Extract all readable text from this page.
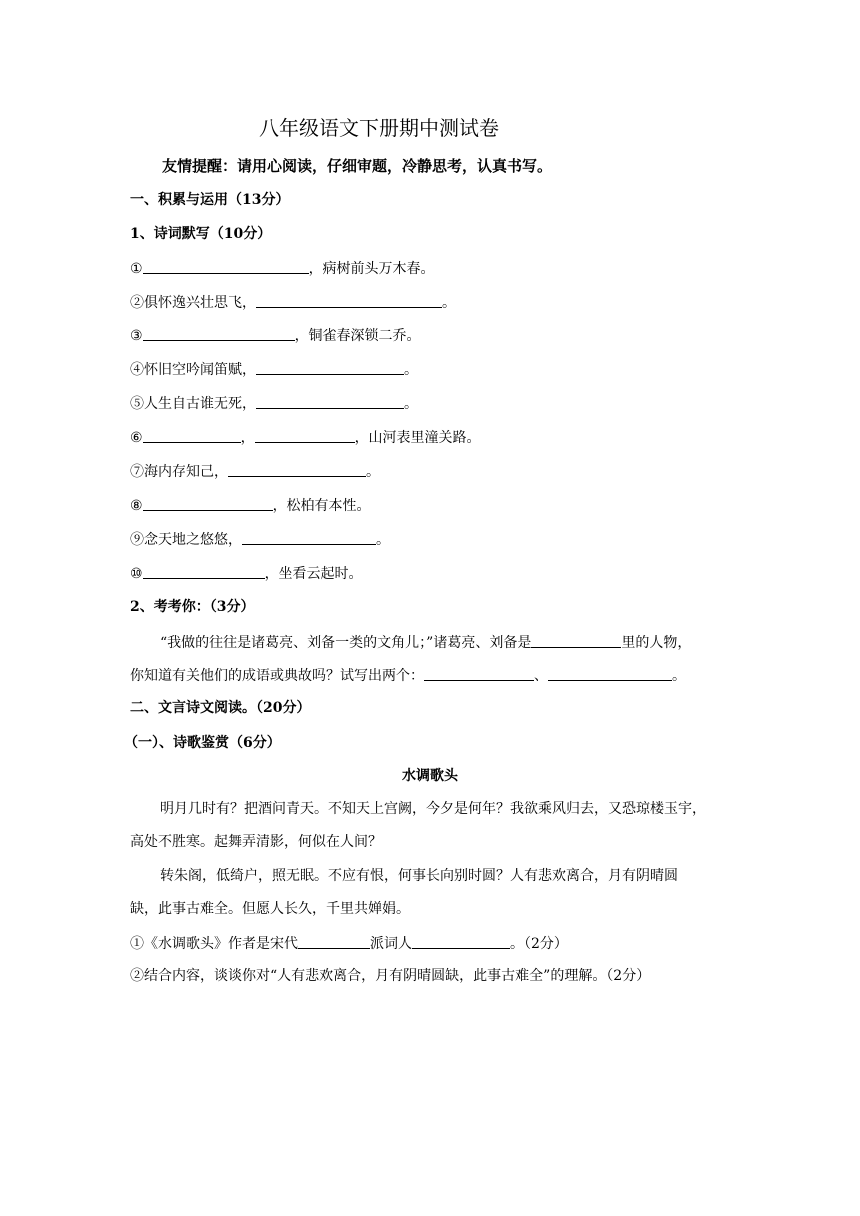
八年级语文下册期中测试卷
友情提醒：请用心阅读，仔细审题，冷静思考，认真书写。
一、积累与运用（13分）
1、诗词默写（10分）
①	，病树前头万木春。
②俱怀逸兴壮思飞，	。
③	，铜雀春深锁二乔。
④怀旧空吟闻笛赋，	。
⑤人生自古谁无死，	。
⑥	，	，山河表里潼关路。
⑦海内存知己，	。
⑧	，松柏有本性。
⑨念天地之悠悠，	。
⑩	，坐看云起时。
2、考考你：（3分）
“我做的往往是诸葛亮、刘备一类的文角儿；”诸葛亮、刘备是	里的人物，
你知道有关他们的成语或典故吗？试写出两个：	、	。
二、文言诗文阅读。（20分）
（一）、诗歌鉴赏（6分）
水调歌头
明月几时有？把酒问青天。不知天上宫阙，今夕是何年？我欲乘风归去，又恐琼楼玉宇，
高处不胜寒。起舞弄清影，何似在人间？
转朱阁，低绮户，照无眠。不应有恨，何事长向别时圆？人有悲欢离合，月有阴晴圆
缺，此事古难全。但愿人长久，千里共婵娟。
①《水调歌头》作者是宋代	派词人	。（2分）
②结合内容，谈谈你对“人有悲欢离合，月有阴晴圆缺，此事古难全”的理解。（2分）
